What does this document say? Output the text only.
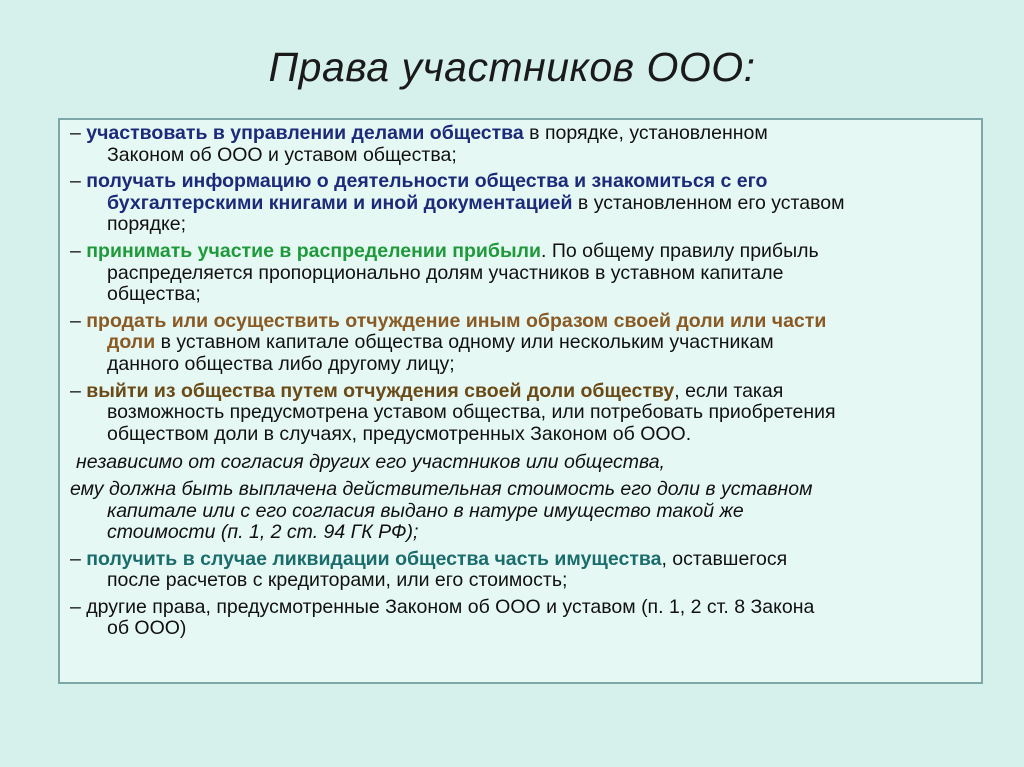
Права участников ООО:

– участвовать в управлении делами общества в порядке, установленном
Законом об ООО и уставом общества;

– получать информацию о деятельности общества и знакомиться с его
бухгалтерскими книгами и иной документацией в установленном его уставом
порядке;

– принимать участие в распределении прибыли. По общему правилу прибыль
распределяется пропорционально долям участников в уставном капитале
общества;

– продать или осуществить отчуждение иным образом своей доли или части
доли в уставном капитале общества одному или нескольким участникам
данного общества либо другому лицу;

– выйти из общества путем отчуждения своей доли обществу, если такая
возможность предусмотрена уставом общества, или потребовать приобретения
обществом доли в случаях, предусмотренных Законом об ООО.

независимо от согласия других его участников или общества,

ему должна быть выплачена действительная стоимость его доли в уставном
капитале или с его согласия выдано в натуре имущество такой же
стоимости (п. 1, 2 ст. 94 ГК РФ);

– получить в случае ликвидации общества часть имущества, оставшегося
после расчетов с кредиторами, или его стоимость;

– другие права, предусмотренные Законом об ООО и уставом (п. 1, 2 ст. 8 Закона
об ООО)
